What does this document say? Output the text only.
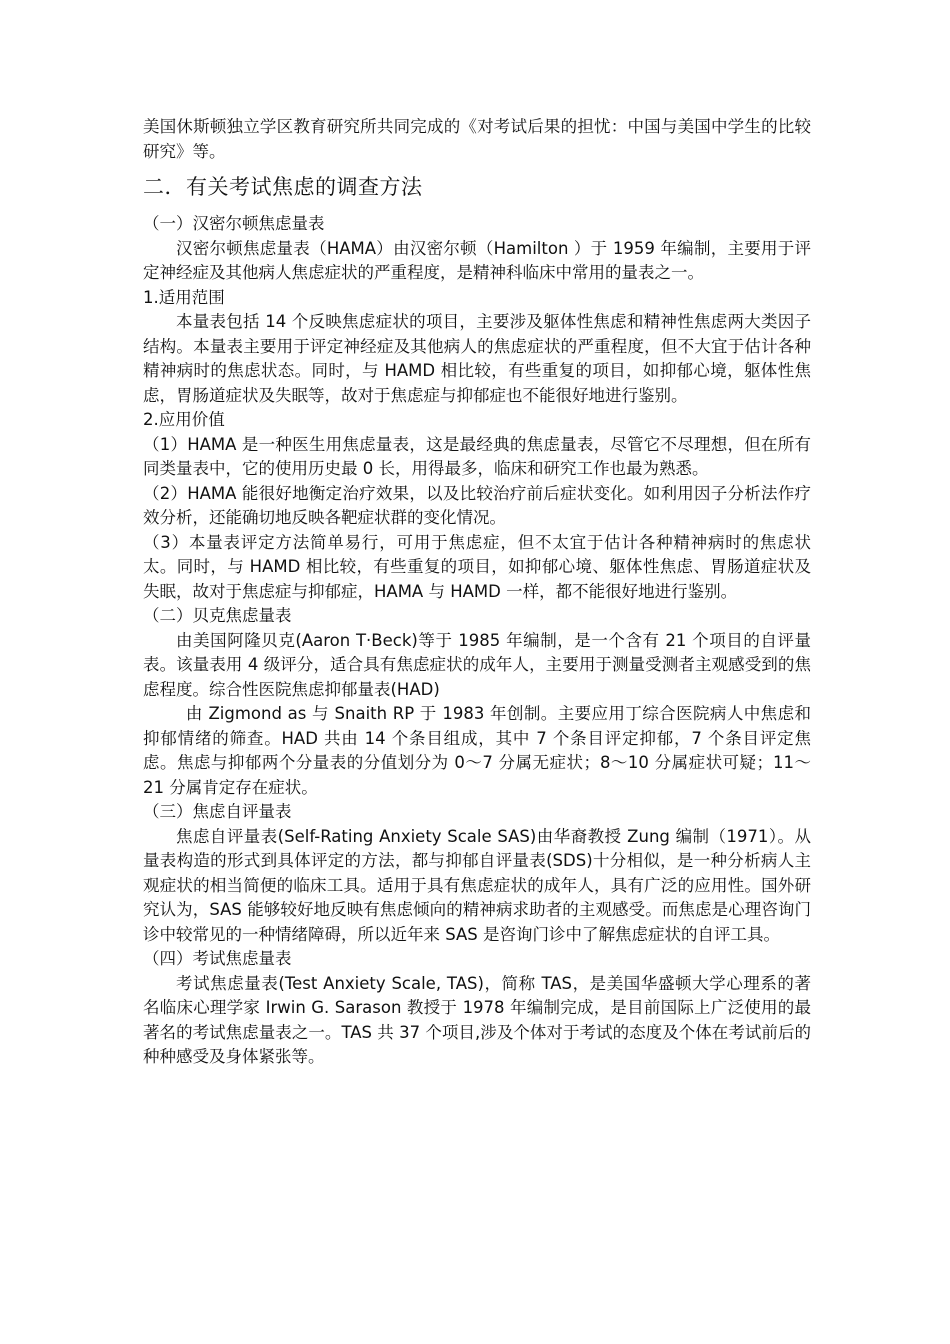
美国休斯顿独立学区教育研究所共同完成的《对考试后果的担忧：中国与美国中学生的比较研究》等。

二．有关考试焦虑的调查方法

（一）汉密尔顿焦虑量表

汉密尔顿焦虑量表（HAMA）由汉密尔顿（Hamilton ）于 1959 年编制，主要用于评定神经症及其他病人焦虑症状的严重程度，是精神科临床中常用的量表之一。

1.适用范围

本量表包括 14 个反映焦虑症状的项目，主要涉及躯体性焦虑和精神性焦虑两大类因子结构。本量表主要用于评定神经症及其他病人的焦虑症状的严重程度，但不大宜于估计各种精神病时的焦虑状态。同时，与 HAMD 相比较，有些重复的项目，如抑郁心境，躯体性焦虑，胃肠道症状及失眠等，故对于焦虑症与抑郁症也不能很好地进行鉴别。

2.应用价值

（1）HAMA 是一种医生用焦虑量表，这是最经典的焦虑量表，尽管它不尽理想，但在所有同类量表中，它的使用历史最 0 长，用得最多，临床和研究工作也最为熟悉。

（2）HAMA 能很好地衡定治疗效果，以及比较治疗前后症状变化。如利用因子分析法作疗效分析，还能确切地反映各靶症状群的变化情况。

（3）本量表评定方法简单易行，可用于焦虑症，但不太宜于估计各种精神病时的焦虑状太。同时，与 HAMD 相比较，有些重复的项目，如抑郁心境、躯体性焦虑、胃肠道症状及失眠，故对于焦虑症与抑郁症，HAMA 与 HAMD 一样，都不能很好地进行鉴别。

（二）贝克焦虑量表

由美国阿隆贝克(Aaron T·Beck)等于 1985 年编制，是一个含有 21 个项目的自评量表。该量表用 4 级评分，适合具有焦虑症状的成年人，主要用于测量受测者主观感受到的焦虑程度。综合性医院焦虑抑郁量表(HAD)

由 Zigmond as 与 Snaith RP 于 1983 年创制。主要应用丁综合医院病人中焦虑和抑郁情绪的筛查。HAD 共由 14 个条目组成，其中 7 个条目评定抑郁，7 个条目评定焦虑。焦虑与抑郁两个分量表的分值划分为 0～7 分属无症状；8～10 分属症状可疑；11～21 分属肯定存在症状。

（三）焦虑自评量表

焦虑自评量表(Self-Rating Anxiety Scale SAS)由华裔教授 Zung 编制（1971）。从量表构造的形式到具体评定的方法，都与抑郁自评量表(SDS)十分相似，是一种分析病人主观症状的相当简便的临床工具。适用于具有焦虑症状的成年人，具有广泛的应用性。国外研究认为，SAS 能够较好地反映有焦虑倾向的精神病求助者的主观感受。而焦虑是心理咨询门诊中较常见的一种情绪障碍，所以近年来 SAS 是咨询门诊中了解焦虑症状的自评工具。

（四）考试焦虑量表

考试焦虑量表(Test Anxiety Scale, TAS)，简称 TAS，是美国华盛顿大学心理系的著名临床心理学家 Irwin G. Sarason 教授于 1978 年编制完成，是目前国际上广泛使用的最著名的考试焦虑量表之一。TAS 共 37 个项目,涉及个体对于考试的态度及个体在考试前后的种种感受及身体紧张等。
